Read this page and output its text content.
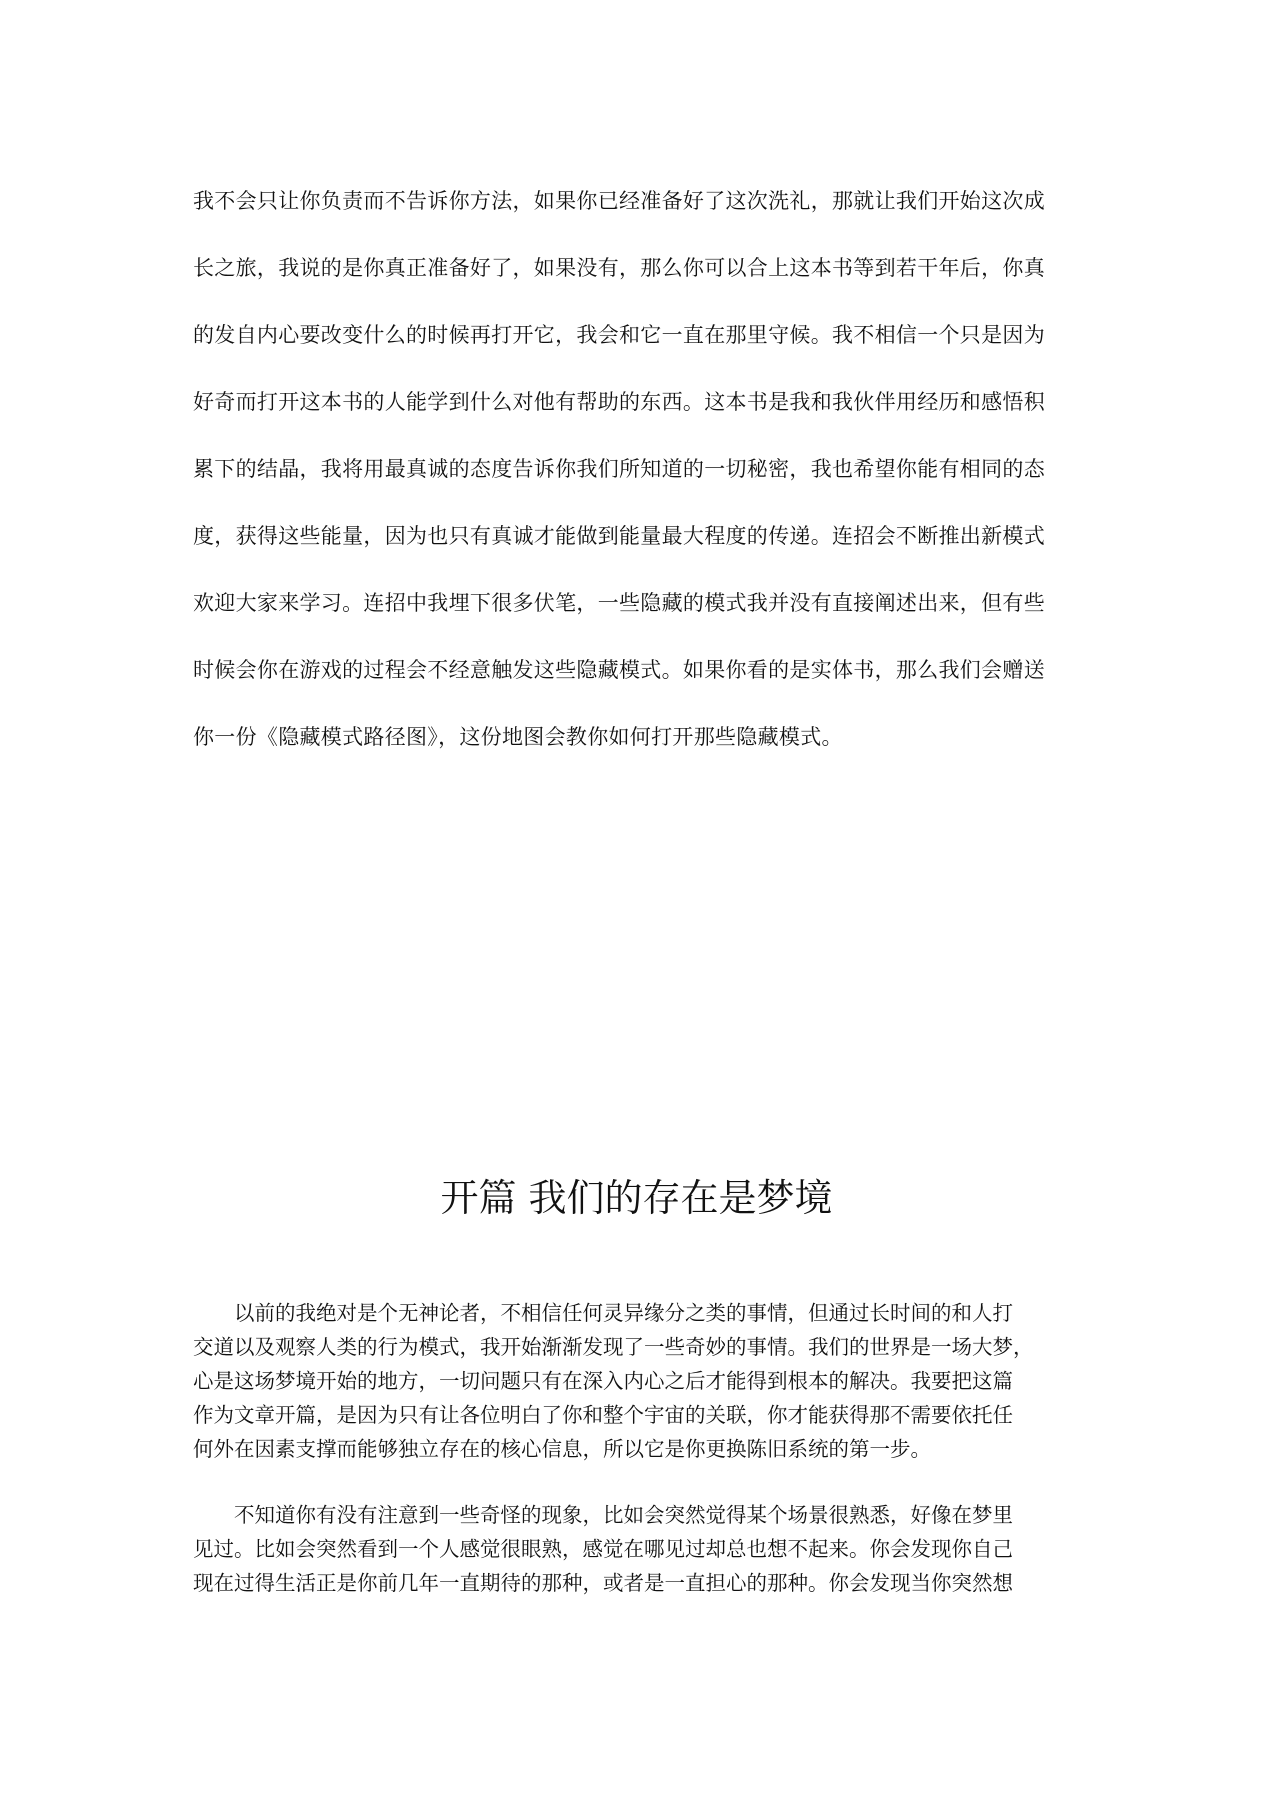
我不会只让你负责而不告诉你方法，如果你已经准备好了这次洗礼，那就让我们开始这次成
长之旅，我说的是你真正准备好了，如果没有，那么你可以合上这本书等到若干年后，你真
的发自内心要改变什么的时候再打开它，我会和它一直在那里守候。我不相信一个只是因为
好奇而打开这本书的人能学到什么对他有帮助的东西。这本书是我和我伙伴用经历和感悟积
累下的结晶，我将用最真诚的态度告诉你我们所知道的一切秘密，我也希望你能有相同的态
度，获得这些能量，因为也只有真诚才能做到能量最大程度的传递。连招会不断推出新模式
欢迎大家来学习。连招中我埋下很多伏笔，一些隐藏的模式我并没有直接阐述出来，但有些
时候会你在游戏的过程会不经意触发这些隐藏模式。如果你看的是实体书，那么我们会赠送
你一份《隐藏模式路径图》，这份地图会教你如何打开那些隐藏模式。
开篇 我们的存在是梦境
　　以前的我绝对是个无神论者，不相信任何灵异缘分之类的事情，但通过长时间的和人打
交道以及观察人类的行为模式，我开始渐渐发现了一些奇妙的事情。我们的世界是一场大梦，
心是这场梦境开始的地方，一切问题只有在深入内心之后才能得到根本的解决。我要把这篇
作为文章开篇，是因为只有让各位明白了你和整个宇宙的关联，你才能获得那不需要依托任
何外在因素支撑而能够独立存在的核心信息，所以它是你更换陈旧系统的第一步。
　　不知道你有没有注意到一些奇怪的现象，比如会突然觉得某个场景很熟悉，好像在梦里
见过。比如会突然看到一个人感觉很眼熟，感觉在哪见过却总也想不起来。你会发现你自己
现在过得生活正是你前几年一直期待的那种，或者是一直担心的那种。你会发现当你突然想
